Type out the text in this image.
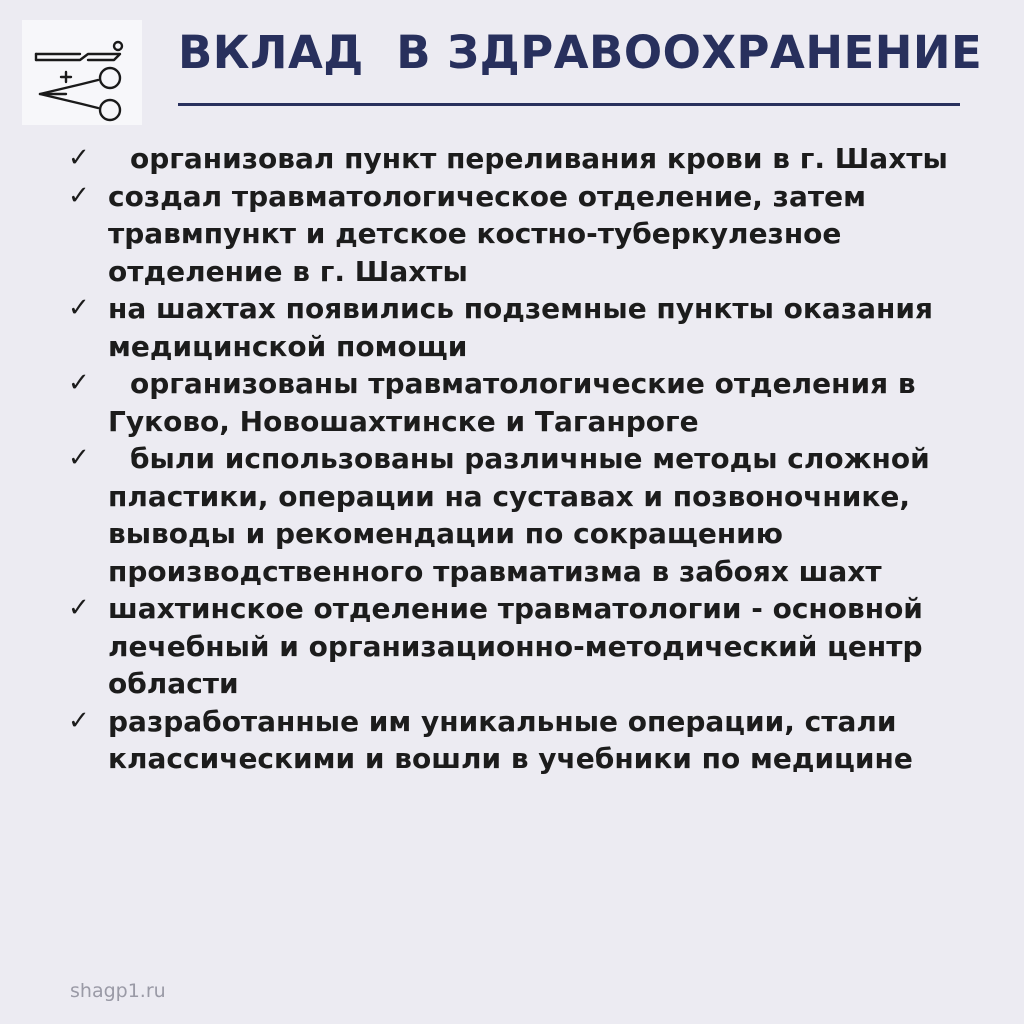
ВКЛАД  В ЗДРАВООХРАНЕНИЕ
✓	организовал пункт переливания крови в г. Шахты
✓ создал травматологическое отделение, затем травмпункт и детское костно-туберкулезное отделение в г. Шахты
✓ на шахтах появились подземные пункты оказания медицинской помощи
✓	организованы травматологические отделения в Гуково, Новошахтинске и Таганроге
✓	были использованы различные методы сложной пластики, операции на суставах и позвоночнике, выводы и рекомендации по сокращению производственного травматизма в забоях шахт
✓ шахтинское отделение травматологии - основной лечебный и организационно-методический центр области
✓ разработанные им уникальные операции, стали классическими и вошли в учебники по медицине
shagp1.ru
